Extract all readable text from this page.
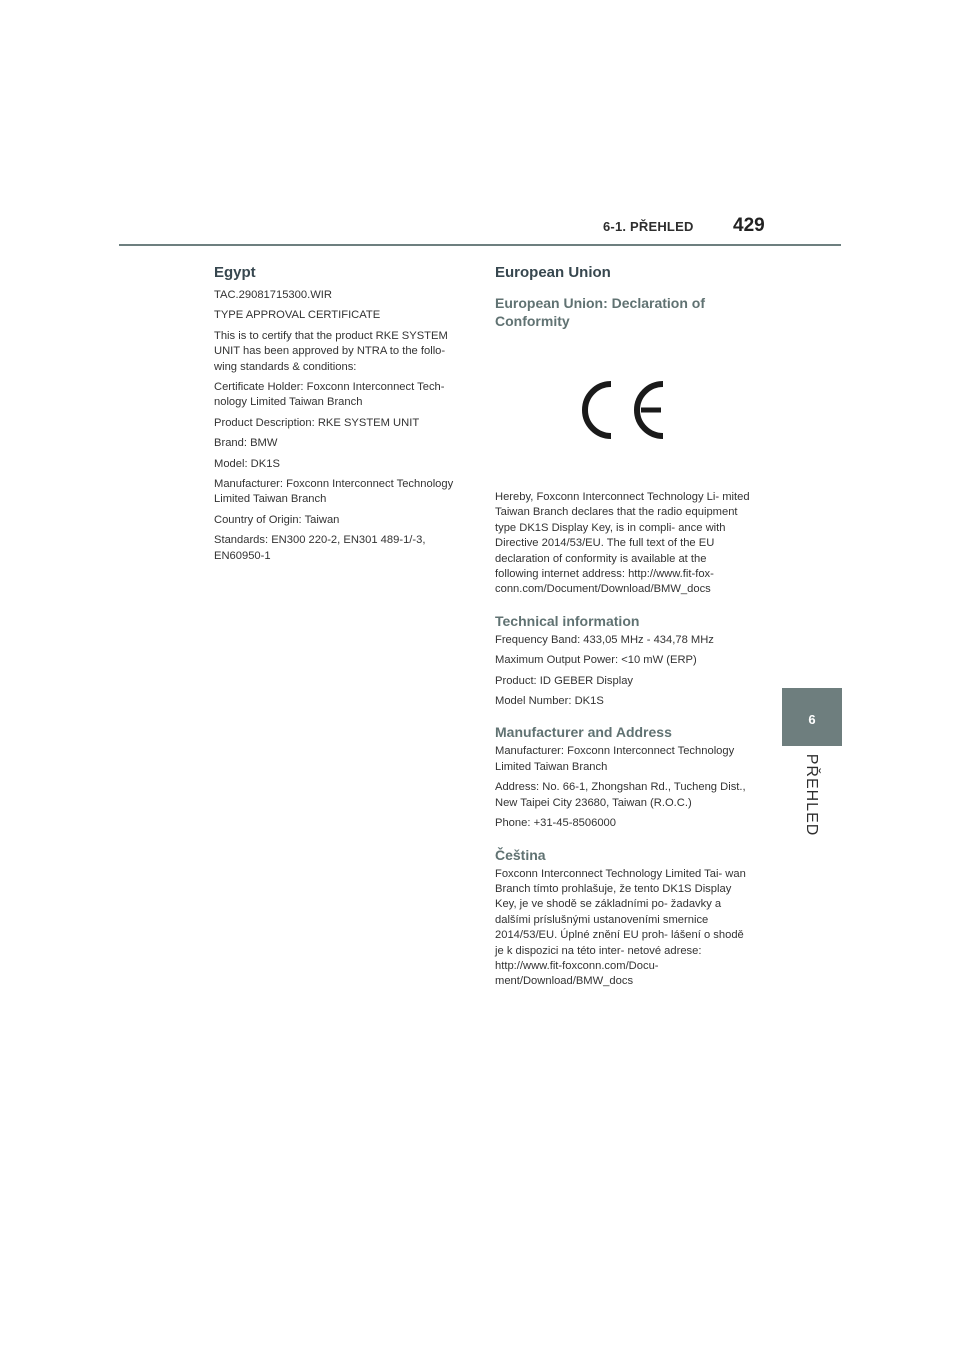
6-1. PŘEHLED 429
6
PŘEHLED
Egypt

TAC.29081715300.WIR

TYPE APPROVAL CERTIFICATE

This is to certify that the product RKE SYSTEM UNIT has been approved by NTRA to the follo- wing standards & conditions:

Certificate Holder: Foxconn Interconnect Tech- nology Limited Taiwan Branch

Product Description: RKE SYSTEM UNIT

Brand: BMW

Model: DK1S

Manufacturer: Foxconn Interconnect Technology Limited Taiwan Branch

Country of Origin: Taiwan

Standards: EN300 220-2, EN301 489-1/-3, EN60950-1

European Union
European Union: Declaration of Conformity

Hereby, Foxconn Interconnect Technology Li- mited Taiwan Branch declares that the radio equipment type DK1S Display Key, is in compli- ance with Directive 2014/53/EU. The full text of the EU declaration of conformity is available at the following internet address: http://www.fit-fox- conn.com/Document/Download/BMW_docs

Technical information

Frequency Band: 433,05 MHz - 434,78 MHz

Maximum Output Power: <10 mW (ERP)

Product: ID GEBER Display

Model Number: DK1S

Manufacturer and Address

Manufacturer: Foxconn Interconnect Technology Limited Taiwan Branch

Address: No. 66-1, Zhongshan Rd., Tucheng Dist., New Taipei City 23680, Taiwan (R.O.C.)

Phone: +31-45-8506000

Čeština

Foxconn Interconnect Technology Limited Tai- wan Branch tímto prohlašuje, že tento DK1S Display Key, je ve shodě se základními po- žadavky a dalšími príslušnými ustanoveními smernice 2014/53/EU. Úplné znění EU proh- lášení o shodě je k dispozici na této inter- netové adrese: http://www.fit-foxconn.com/Docu- ment/Download/BMW_docs
